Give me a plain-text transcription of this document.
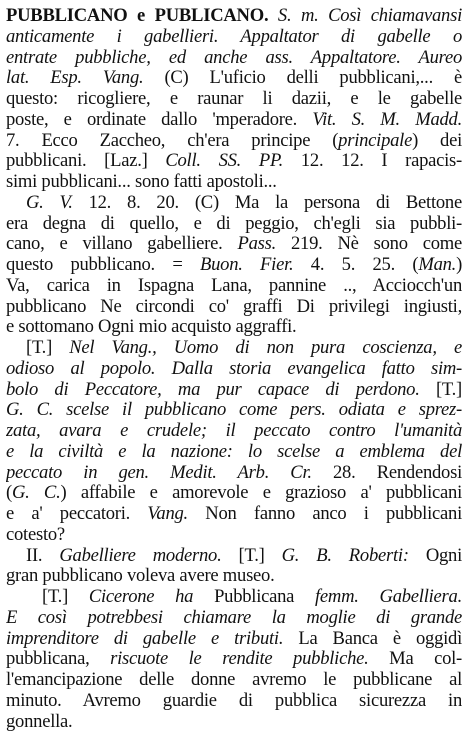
PUBBLICANO e PUBLICANO. S. m. Così chiamavansi
anticamente i gabellieri. Appaltator di gabelle o
entrate pubbliche, ed anche ass. Appaltatore. Aureo
lat. Esp. Vang. (C) L'uficio delli pubblicani,... è
questo: ricogliere, e raunar li dazii, e le gabelle
poste, e ordinate dallo 'mperadore. Vit. S. M. Madd.
7. Ecco Zaccheo, ch'era principe (principale) dei
pubblicani. [Laz.] Coll. SS. PP. 12. 12. I rapacis-
simi pubblicani... sono fatti apostoli...
G. V. 12. 8. 20. (C) Ma la persona di Bettone
era degna di quello, e di peggio, ch'egli sia pubbli-
cano, e villano gabelliere. Pass. 219. Nè sono come
questo pubblicano. = Buon. Fier. 4. 5. 25. (Man.)
Va, carica in Ispagna Lana, pannine .., Acciocch'un
pubblicano Ne circondi co' graffi Di privilegi ingiusti,
e sottomano Ogni mio acquisto aggraffi.
[T.] Nel Vang., Uomo di non pura coscienza, e
odioso al popolo. Dalla storia evangelica fatto sim-
bolo di Peccatore, ma pur capace di perdono. [T.]
G. C. scelse il pubblicano come pers. odiata e sprez-
zata, avara e crudele; il peccato contro l'umanità
e la civiltà e la nazione: lo scelse a emblema del
peccato in gen. Medit. Arb. Cr. 28. Rendendosi
(G. C.) affabile e amorevole e grazioso a' pubblicani
e a' peccatori. Vang. Non fanno anco i pubblicani
cotesto?
II. Gabelliere moderno. [T.] G. B. Roberti: Ogni
gran pubblicano voleva avere museo.
[T.] Cicerone ha Pubblicana femm. Gabelliera.
E così potrebbesi chiamare la moglie di grande
imprenditore di gabelle e tributi. La Banca è oggidì
pubblicana, riscuote le rendite pubbliche. Ma col-
l'emancipazione delle donne avremo le pubblicane al
minuto. Avremo guardie di pubblica sicurezza in
gonnella.
